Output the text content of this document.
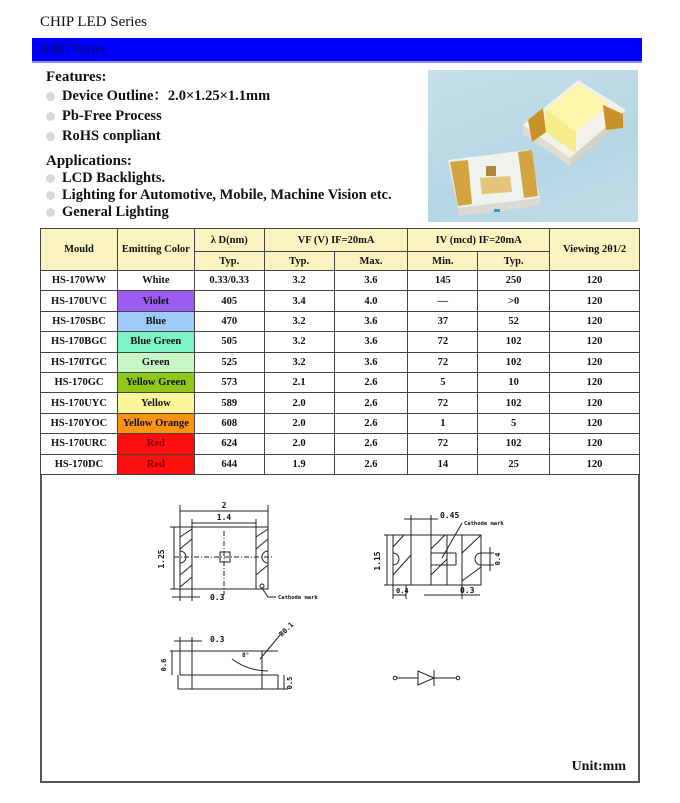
CHIP LED Series
0805 Series
Features:
Device Outline：2.0×1.25×1.1mm
Pb-Free Process
RoHS conpliant
Applications:
LCD Backlights.
Lighting for Automotive, Mobile, Machine Vision etc.
General Lighting
Mould	Emitting Color	λ D(nm)	VF (V) IF=20mA		IV (mcd) IF=20mA		Viewing 2θ1/2
		Typ.	Typ.	Max.	Min.	Typ.	
HS-170WW	White	0.33/0.33	3.2	3.6	145	250	120
HS-170UVC	Violet	405	3.4	4.0	—	>0	120
HS-170SBC	Blue	470	3.2	3.6	37	52	120
HS-170BGC	Blue Green	505	3.2	3.6	72	102	120
HS-170TGC	Green	525	3.2	3.6	72	102	120
HS-170GC	Yellow Green	573	2.1	2.6	5	10	120
HS-170UYC	Yellow	589	2.0	2.6	72	102	120
HS-170YOC	Yellow Orange	608	2.0	2.6	1	5	120
HS-170URC	Red	624	2.0	2.6	72	102	120
HS-170DC	Red	644	1.9	2.6	14	25	120
2
1.4
1.25
0.3	Cathode mark
0.45
Cathode mark
1.15	0.4
0.4	0.3
0.3
R0.1
8°
0.6
0.5
Unit:mm
